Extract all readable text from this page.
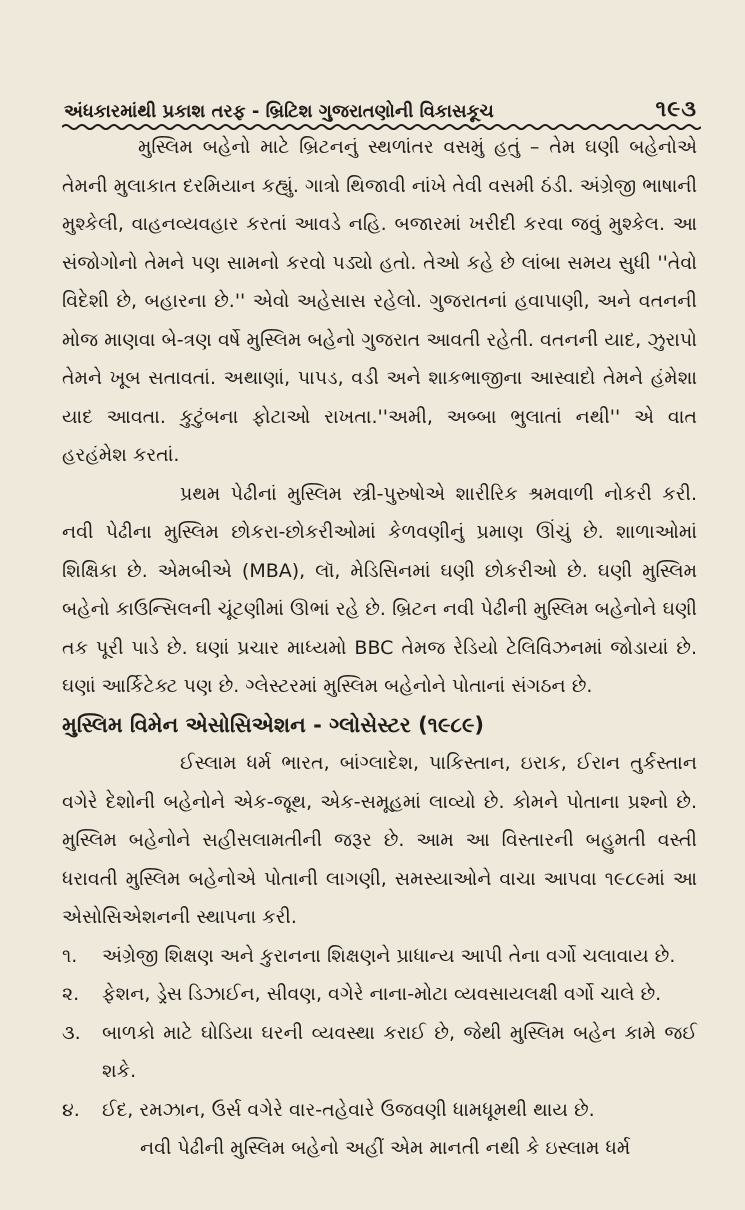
અંધકારમાંથી પ્રકાશ તરફ - બ્રિટિશ ગુજરાતણોની વિકાસકૂચ	૧૯૩

મુસ્લિમ બહેનો માટે બ્રિટનનું સ્થળાંતર વસમું હતું – તેમ ઘણી બહેનોએ તેમની મુલાકાત દરમિયાન કહ્યું. ગાત્રો થિજાવી નાંખે તેવી વસમી ઠંડી. અંગ્રેજી ભાષાની મુશ્કેલી, વાહનવ્યવહાર કરતાં આવડે નહિ. બજારમાં ખરીદી કરવા જવું મુશ્કેલ. આ સંજોગોનો તેમને પણ સામનો કરવો પડ્યો હતો. તેઓ કહે છે લાંબા સમય સુધી ''તેવો વિદેશી છે, બહારના છે.'' એવો અહેસાસ રહેલો. ગુજરાતનાં હવાપાણી, અને વતનની મોજ માણવા બે-ત્રણ વર્ષે મુસ્લિમ બહેનો ગુજરાત આવતી રહેતી. વતનની યાદ, ઝુરાપો તેમને ખૂબ સતાવતાં. અથાણાં, પાપડ, વડી અને શાકભાજીના આસ્વાદો તેમને હંમેશા યાદ આવતા. કુટુંબના ફોટાઓ રાખતા.''અમી, અબ્બા ભુલાતાં નથી'' એ વાત હરહંમેશ કરતાં.

પ્રથમ પેઢીનાં મુસ્લિમ સ્ત્રી-પુરુષોએ શારીરિક શ્રમવાળી નોકરી કરી. નવી પેઢીના મુસ્લિમ છોકરા-છોકરીઓમાં કેળવણીનું પ્રમાણ ઊંચું છે. શાળાઓમાં શિક્ષિકા છે. એમબીએ (MBA), લૉ, મેડિસિનમાં ઘણી છોકરીઓ છે. ઘણી મુસ્લિમ બહેનો કાઉન્સિલની ચૂંટણીમાં ઊભાં રહે છે. બ્રિટન નવી પેઢીની મુસ્લિમ બહેનોને ઘણી તક પૂરી પાડે છે. ઘણાં પ્રચાર માધ્યમો BBC તેમજ રેડિયો ટેલિવિઝનમાં જોડાયાં છે. ઘણાં આર્કિટેક્ટ પણ છે. ગ્લેસ્ટરમાં મુસ્લિમ બહેનોને પોતાનાં સંગઠન છે.

મુસ્લિમ વિમેન એસોસિએશન - ગ્લોસેસ્ટર (૧૯૮૯)

ઈસ્લામ ધર્મ ભારત, બાંગ્લાદેશ, પાકિસ્તાન, ઇરાક, ઈરાન તુર્કસ્તાન વગેરે દેશોની બહેનોને એક-જૂથ, એક-સમૂહમાં લાવ્યો છે. કોમને પોતાના પ્રશ્નો છે. મુસ્લિમ બહેનોને સહીસલામતીની જરૂર છે. આમ આ વિસ્તારની બહુમતી વસ્તી ધરાવતી મુસ્લિમ બહેનોએ પોતાની લાગણી, સમસ્યાઓને વાચા આપવા ૧૯૮૯માં આ એસોસિએશનની સ્થાપના કરી.

૧.	અંગ્રેજી શિક્ષણ અને કુરાનના શિક્ષણને પ્રાધાન્ય આપી તેના વર્ગો ચલાવાય છે.
૨.	ફેશન, ડ્રેસ ડિઝાઈન, સીવણ, વગેરે નાના-મોટા વ્યવસાયલક્ષી વર્ગો ચાલે છે.
૩.	બાળકો માટે ઘોડિયા ઘરની વ્યવસ્થા કરાઈ છે, જેથી મુસ્લિમ બહેન કામે જઈ શકે.
૪.	ઈદ, રમઝાન, ઉર્સ વગેરે વાર-તહેવારે ઉજવણી ધામધૂમથી થાય છે.

નવી પેઢીની મુસ્લિમ બહેનો અહીં એમ માનતી નથી કે ઇસ્લામ ધર્મ
